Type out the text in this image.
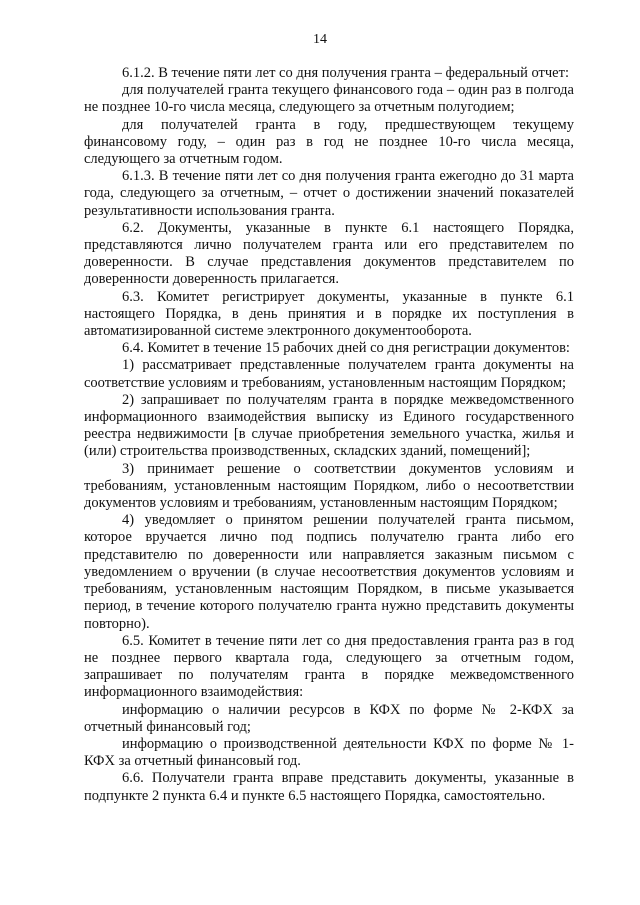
14

6.1.2. В течение пяти лет со дня получения гранта – федеральный отчет:

для получателей гранта текущего финансового года – один раз в полгода не позднее 10-го числа месяца, следующего за отчетным полугодием;

для получателей гранта в году, предшествующем текущему финансовому году, – один раз в год не позднее 10-го числа месяца, следующего за отчетным годом.

6.1.3. В течение пяти лет со дня получения гранта ежегодно до 31 марта года, следующего за отчетным, – отчет о достижении значений показателей результативности использования гранта.

6.2. Документы, указанные в пункте 6.1 настоящего Порядка, представляются лично получателем гранта или его представителем по доверенности. В случае представления документов представителем по доверенности доверенность прилагается.

6.3. Комитет регистрирует документы, указанные в пункте 6.1 настоящего Порядка, в день принятия и в порядке их поступления в автоматизированной системе электронного документооборота.

6.4. Комитет в течение 15 рабочих дней со дня регистрации документов:

1) рассматривает представленные получателем гранта документы на соответствие условиям и требованиям, установленным настоящим Порядком;

2) запрашивает по получателям гранта в порядке межведомственного информационного взаимодействия выписку из Единого государственного реестра недвижимости [в случае приобретения земельного участка, жилья и (или) строительства производственных, складских зданий, помещений];

3) принимает решение о соответствии документов условиям и требованиям, установленным настоящим Порядком, либо о несоответствии документов условиям и требованиям, установленным настоящим Порядком;

4) уведомляет о принятом решении получателей гранта письмом, которое вручается лично под подпись получателю гранта либо его представителю по доверенности или направляется заказным письмом с уведомлением о вручении (в случае несоответствия документов условиям и требованиям, установленным настоящим Порядком, в письме указывается период, в течение которого получателю гранта нужно представить документы повторно).

6.5. Комитет в течение пяти лет со дня предоставления гранта раз в год не позднее первого квартала года, следующего за отчетным годом, запрашивает по получателям гранта в порядке межведомственного информационного взаимодействия:

информацию о наличии ресурсов в КФХ по форме № 2-КФХ за отчетный финансовый год;

информацию о производственной деятельности КФХ по форме № 1-КФХ за отчетный финансовый год.

6.6. Получатели гранта вправе представить документы, указанные в подпункте 2 пункта 6.4 и пункте 6.5 настоящего Порядка, самостоятельно.
